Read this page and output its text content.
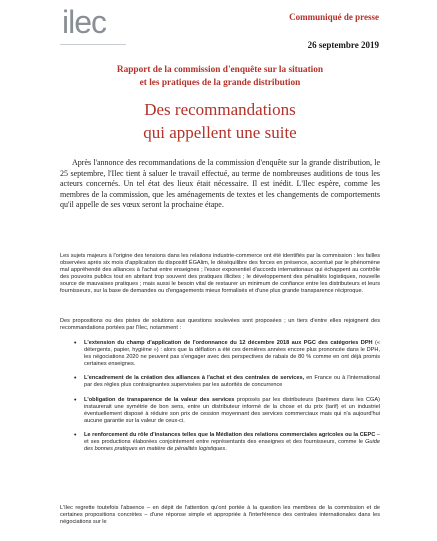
ilec	Communiqué de presse
26 septembre 2019
Rapport de la commission d'enquête sur la situation
et les pratiques de la grande distribution
Des recommandations
qui appellent une suite

Après l'annonce des recommandations de la commission d'enquête sur la grande distribution, le 25 septembre, l'Ilec tient à saluer le travail effectué, au terme de nombreuses auditions de tous les acteurs concernés. Un tel état des lieux était nécessaire. Il est inédit. L'Ilec espère, comme les membres de la commission, que les aménagements de textes et les changements de comportements qu'il appelle de ses vœux seront la prochaine étape.

Les sujets majeurs à l'origine des tensions dans les relations industrie-commerce ont été identifiés par la commission : les failles observées après six mois d'application du dispositif ÉGAlim, le déséquilibre des forces en présence, accentué par le phénomène mal appréhendé des alliances à l'achat entre enseignes ; l'essor exponentiel d'accords internationaux qui échappent au contrôle des pouvoirs publics tout en abritant trop souvent des pratiques illicites ; le développement des pénalités logistiques, nouvelle source de mauvaises pratiques ; mais aussi le besoin vital de restaurer un minimum de confiance entre les distributeurs et leurs fournisseurs, sur la base de demandes ou d'engagements mieux formalisés et d'une plus grande transparence réciproque.

Des propositions ou des pistes de solutions aux questions soulevées sont proposées ; un tiers d'entre elles rejoignent des recommandations portées par l'Ilec, notamment :

• L'extension du champ d'application de l'ordonnance du 12 décembre 2018 aux PGC des catégories DPH (« détergents, papier, hygiène ») : alors que la déflation a été ces dernières années encore plus prononcée dans le DPH, les négociations 2020 ne peuvent pas s'engager avec des perspectives de rabais de 80 % comme en ont déjà promis certaines enseignes.
• L'encadrement de la création des alliances à l'achat et des centrales de services, en France ou à l'international par des règles plus contraignantes supervisées par les autorités de concurrence
• L'obligation de transparence de la valeur des services proposés par les distributeurs (barèmes dans les CGA) instaurerait une symétrie de bon sens, entre un distributeur informé de la chose et du prix (tarif) et un industriel éventuellement disposé à réduire son prix de cession moyennant des services commerciaux mais qui n'a aujourd'hui aucune garantie sur la valeur de ceux-ci.
• Le renforcement du rôle d'instances telles que la Médiation des relations commerciales agricoles ou la CEPC – et ses productions élaborées conjointement entre représentants des enseignes et des fournisseurs, comme le Guide des bonnes pratiques en matière de pénalités logistiques.

L'Ilec regrette toutefois l'absence – en dépit de l'attention qu'ont portée à la question les membres de la commission et de certaines propositions concrètes – d'une réponse simple et appropriée à l'interférence des centrales internationales dans les négociations sur le
